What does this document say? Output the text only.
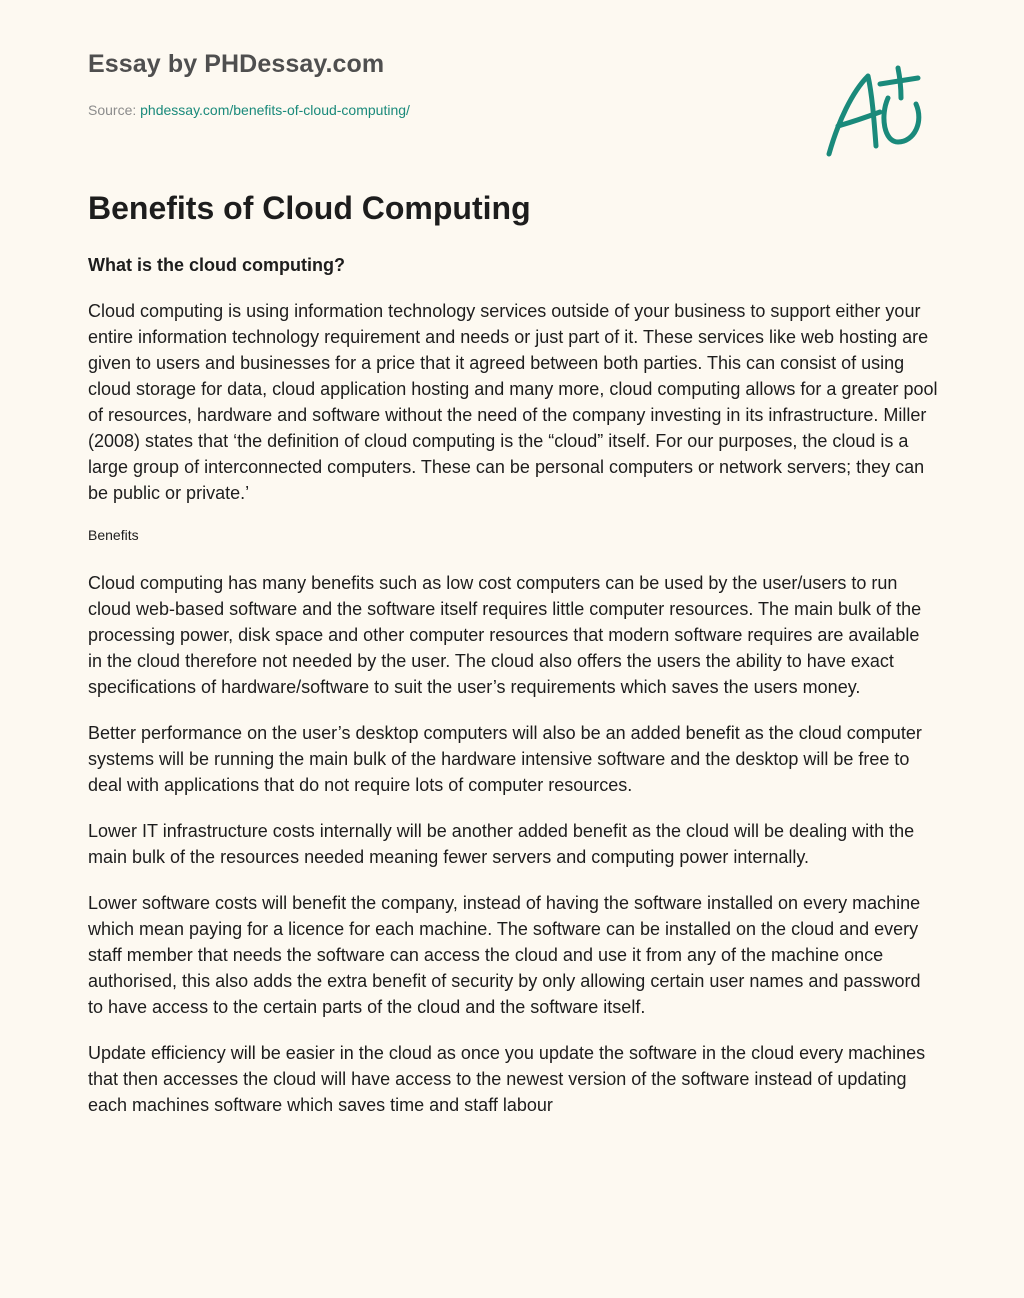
Essay by PHDessay.com
Source: phdessay.com/benefits-of-cloud-computing/
Benefits of Cloud Computing

What is the cloud computing?

Cloud computing is using information technology services outside of your business to support either your entire information technology requirement and needs or just part of it. These services like web hosting are given to users and businesses for a price that it agreed between both parties. This can consist of using cloud storage for data, cloud application hosting and many more, cloud computing allows for a greater pool of resources, hardware and software without the need of the company investing in its infrastructure. Miller (2008) states that ‘the definition of cloud computing is the “cloud” itself. For our purposes, the cloud is a large group of interconnected computers. These can be personal computers or network servers; they can be public or private.’

Benefits

Cloud computing has many benefits such as low cost computers can be used by the user/users to run cloud web-based software and the software itself requires little computer resources. The main bulk of the processing power, disk space and other computer resources that modern software requires are available in the cloud therefore not needed by the user. The cloud also offers the users the ability to have exact specifications of hardware/software to suit the user’s requirements which saves the users money.

Better performance on the user’s desktop computers will also be an added benefit as the cloud computer systems will be running the main bulk of the hardware intensive software and the desktop will be free to deal with applications that do not require lots of computer resources.

Lower IT infrastructure costs internally will be another added benefit as the cloud will be dealing with the main bulk of the resources needed meaning fewer servers and computing power internally.

Lower software costs will benefit the company, instead of having the software installed on every machine which mean paying for a licence for each machine. The software can be installed on the cloud and every staff member that needs the software can access the cloud and use it from any of the machine once authorised, this also adds the extra benefit of security by only allowing certain user names and password to have access to the certain parts of the cloud and the software itself.

Update efficiency will be easier in the cloud as once you update the software in the cloud every machines that then accesses the cloud will have access to the newest version of the software instead of updating each machines software which saves time and staff labour
